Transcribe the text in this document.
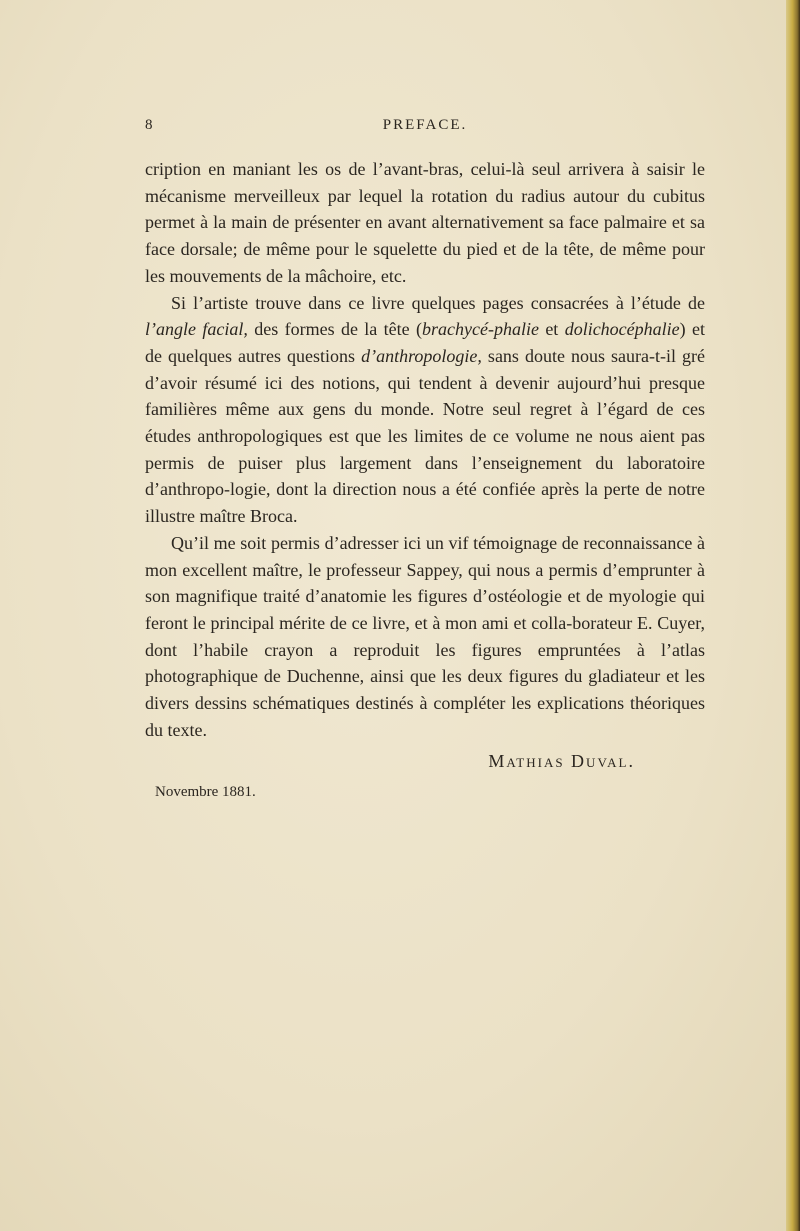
8	PREFACE.

cription en maniant les os de l’avant-bras, celui-là seul arrivera à saisir le mécanisme merveilleux par lequel la rotation du radius autour du cubitus permet à la main de présenter en avant alternativement sa face palmaire et sa face dorsale; de même pour le squelette du pied et de la tête, de même pour les mouvements de la mâchoire, etc.

Si l’artiste trouve dans ce livre quelques pages consacrées à l’étude de l’angle facial, des formes de la tête (brachycé-phalie et dolichocéphalie) et de quelques autres questions d’anthropologie, sans doute nous saura-t-il gré d’avoir résumé ici des notions, qui tendent à devenir aujourd’hui presque familières même aux gens du monde. Notre seul regret à l’égard de ces études anthropologiques est que les limites de ce volume ne nous aient pas permis de puiser plus largement dans l’enseignement du laboratoire d’anthropo-logie, dont la direction nous a été confiée après la perte de notre illustre maître Broca.

Qu’il me soit permis d’adresser ici un vif témoignage de reconnaissance à mon excellent maître, le professeur Sappey, qui nous a permis d’emprunter à son magnifique traité d’anatomie les figures d’ostéologie et de myologie qui feront le principal mérite de ce livre, et à mon ami et colla-borateur E. Cuyer, dont l’habile crayon a reproduit les figures empruntées à l’atlas photographique de Duchenne, ainsi que les deux figures du gladiateur et les divers dessins schématiques destinés à compléter les explications théoriques du texte.

Mathias Duval.
Novembre 1881.
